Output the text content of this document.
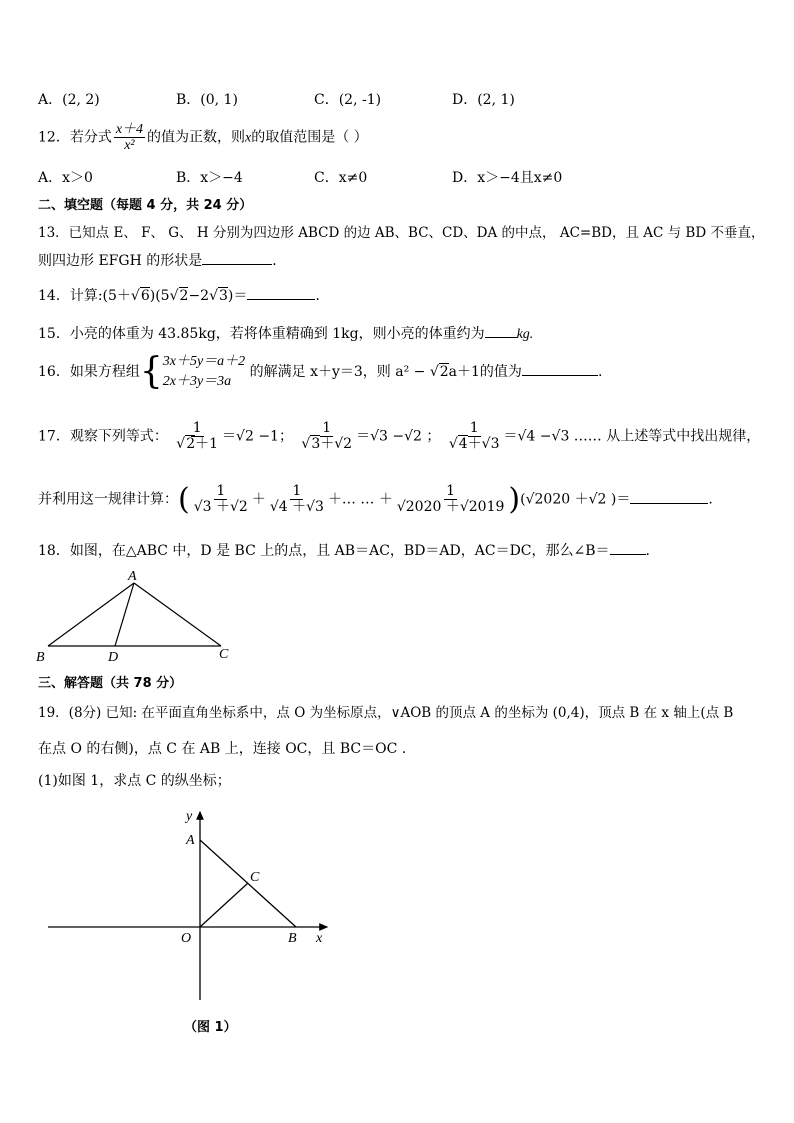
A．(2, 2)	B．(0, 1)	C．(2, -1)	D．(2, 1)
12．若分式 $\frac{x+4}{\text{x²}}$ 的值为正数，则x的取值范围是（ ）
A．x＞0	B．x＞−4	C．x≠0	D．x＞−4且x≠0
二、填空题（每题 4 分，共 24 分）
13．已知点 E、 F、 G、 H 分别为四边形 ABCD 的边 AB、BC、CD、DA 的中点， AC=BD，且 AC 与 BD 不垂直，
则四边形 EFGH 的形状是	．
14．计算:(5＋√6)(5√2−2√3)＝	.
15．小亮的体重为 43.85kg，若将体重精确到 1kg，则小亮的体重约为 kg.
16．如果方程组{ 3x＋5y＝a＋2
2x＋3y＝3a
的解满足 x＋y＝3，则 a² − √2a＋1的值为	.
17．观察下列等式： $\frac{1}{√2+1} =√2 -1$； $\frac{1}{√3+√2} =√3 -√2$ ； $\frac{1}{√4+√3} =√4 -√3$ …… 从上述等式中找出规律，
并利用这一规律计算：( $\frac{1}{√3 +√2} + \frac{1}{√4 +√3}$ ＋… … ＋ $\frac{1}{√2020 +√2019} )(√2020 +√2$ )＝	.
18．如图，在△ABC 中，D 是 BC 上的点，且 AB＝AC，BD＝AD，AC＝DC，那么∠B＝	.
A
B	D	C
三、解答题（共 78 分）
19．(8分) 已知: 在平面直角坐标系中，点 O 为坐标原点，∨AOB 的顶点 A 的坐标为 (0,4)，顶点 B 在 x 轴上(点 B
在点 O 的右侧)，点 C 在 AB 上，连接 OC，且 BC＝OC .
(1)如图 1，求点 C 的纵坐标；
y
A
C
O	B x
（图 1）
